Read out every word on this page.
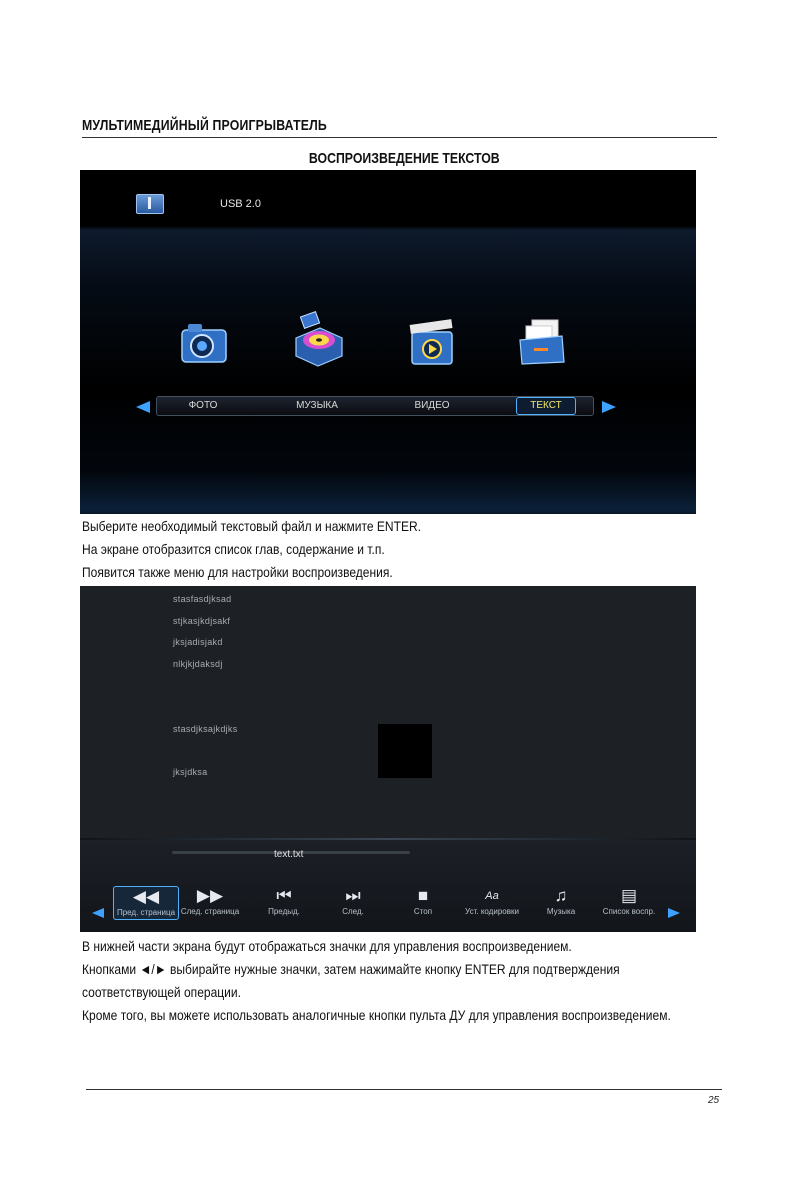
МУЛЬТИМЕДИЙНЫЙ ПРОИГРЫВАТЕЛЬ
ВОСПРОИЗВЕДЕНИЕ ТЕКСТОВ
USB 2.0
ФОТО	МУЗЫКА	ВИДЕО	ТЕКСТ
Выберите необходимый текстовый файл и нажмите ENTER.
На экране отобразится список глав, содержание и т.п.
Появится также меню для настройки воспроизведения.
stasfasdjksad
stjkasjkdjsakf
jksjadisjakd
nlkjkjdaksdj
stasdjksajkdjks
jksjdksa
text.txt
◀◀
Пред. страница
▶▶
След. страница
⏮
Предыд.
⏭
След.
■
Стоп
Aa
Уст. кодировки
♫
Музыка
▤
Список воспр.
В нижней части экрана будут отображаться значки для управления воспроизведением.
Кнопками ◄/► выбирайте нужные значки, затем нажимайте кнопку ENTER для подтверждения
соответствующей операции.
Кроме того, вы можете использовать аналогичные кнопки пульта ДУ для управления воспроизведением.
25
